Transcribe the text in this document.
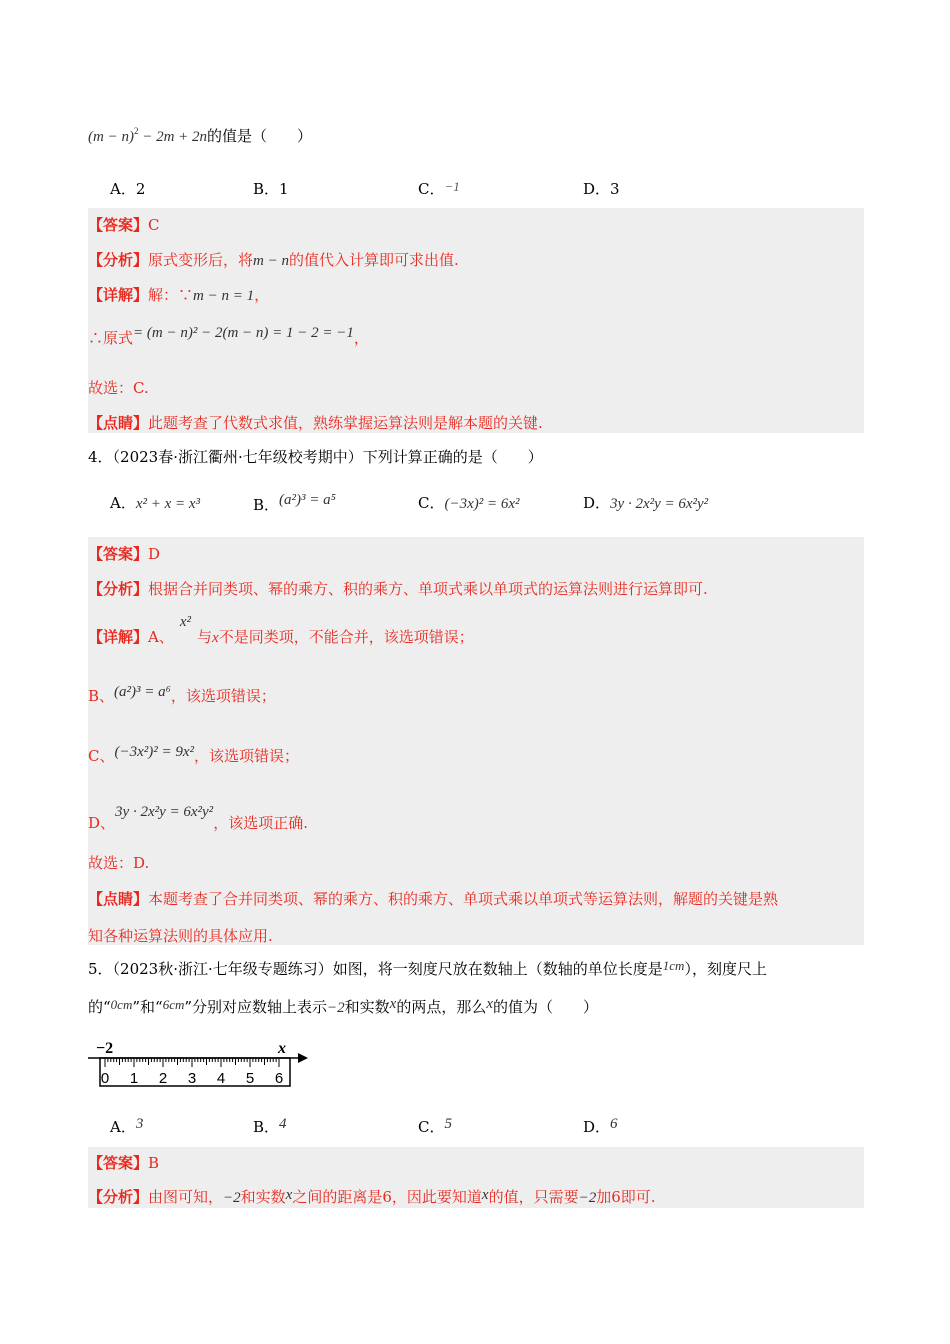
$(m - n)^2 - 2m + 2n$的值是（　　）
A．2	B．1	C．−1	D．3
【答案】C
【分析】原式变形后，将m − n的值代入计算即可求出值.
【详解】解：∵m − n = 1，
∴原式= (m − n)² − 2(m − n) = 1 − 2 = −1，
故选：C.
【点睛】此题考查了代数式求值，熟练掌握运算法则是解本题的关键.
4．（2023春·浙江衢州·七年级校考期中）下列计算正确的是（　　）
A．x² + x = x³	B．(a²)³ = a⁵	C．(−3x)² = 6x²	D．3y · 2x²y = 6x²y²
【答案】D
【分析】根据合并同类项、幂的乘方、积的乘方、单项式乘以单项式的运算法则进行运算即可.
【详解】A、x²与x不是同类项，不能合并，该选项错误；
B、(a²)³ = a⁶，该选项错误；
C、(−3x²)² = 9x²，该选项错误；
D、3y · 2x²y = 6x²y²，该选项正确.
故选：D.
【点睛】本题考查了合并同类项、幂的乘方、积的乘方、单项式乘以单项式等运算法则，解题的关键是熟
知各种运算法则的具体应用.
5．（2023秋·浙江·七年级专题练习）如图，将一刻度尺放在数轴上（数轴的单位长度是1cm），刻度尺上
的“0cm”和“6cm”分别对应数轴上表示−2和实数x的两点，那么x的值为（　　）
−2	x
0 1 2 3 4 5 6
A．3	B．4	C．5	D．6
【答案】B
【分析】由图可知，−2和实数x之间的距离是6，因此要知道x的值，只需要−2加6即可.
